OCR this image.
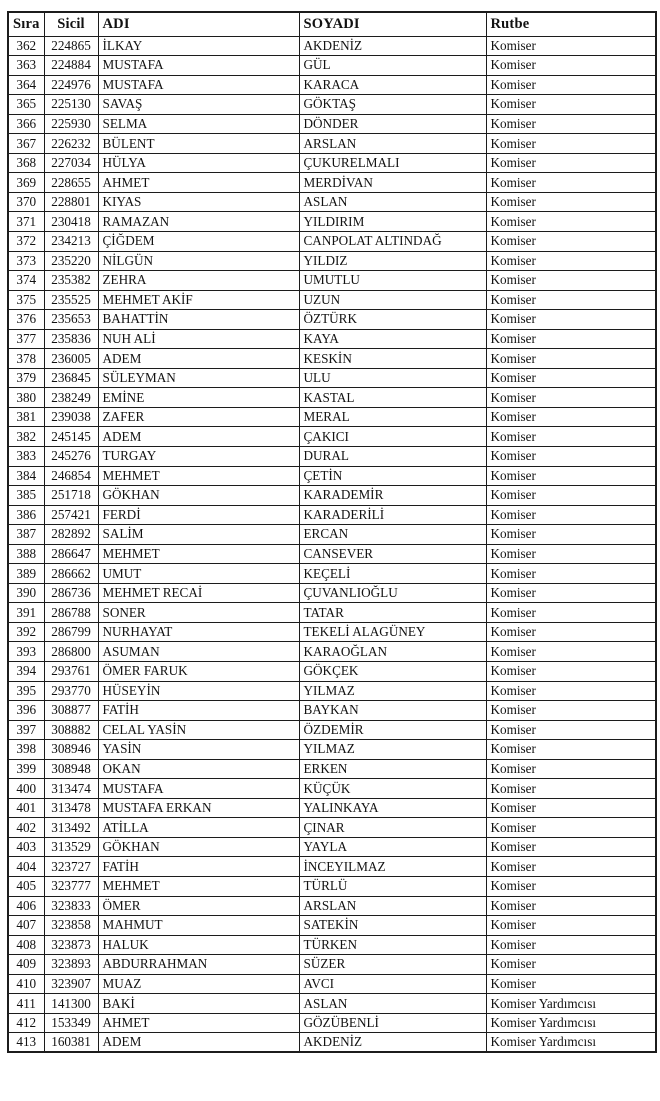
Sıra	Sicil	ADI	SOYADI	Rutbe
362	224865	İLKAY	AKDENİZ	Komiser
363	224884	MUSTAFA	GÜL	Komiser
364	224976	MUSTAFA	KARACA	Komiser
365	225130	SAVAŞ	GÖKTAŞ	Komiser
366	225930	SELMA	DÖNDER	Komiser
367	226232	BÜLENT	ARSLAN	Komiser
368	227034	HÜLYA	ÇUKURELMALI	Komiser
369	228655	AHMET	MERDİVAN	Komiser
370	228801	KIYAS	ASLAN	Komiser
371	230418	RAMAZAN	YILDIRIM	Komiser
372	234213	ÇİĞDEM	CANPOLAT ALTINDAĞ	Komiser
373	235220	NİLGÜN	YILDIZ	Komiser
374	235382	ZEHRA	UMUTLU	Komiser
375	235525	MEHMET AKİF	UZUN	Komiser
376	235653	BAHATTİN	ÖZTÜRK	Komiser
377	235836	NUH ALİ	KAYA	Komiser
378	236005	ADEM	KESKİN	Komiser
379	236845	SÜLEYMAN	ULU	Komiser
380	238249	EMİNE	KASTAL	Komiser
381	239038	ZAFER	MERAL	Komiser
382	245145	ADEM	ÇAKICI	Komiser
383	245276	TURGAY	DURAL	Komiser
384	246854	MEHMET	ÇETİN	Komiser
385	251718	GÖKHAN	KARADEMİR	Komiser
386	257421	FERDİ	KARADERİLİ	Komiser
387	282892	SALİM	ERCAN	Komiser
388	286647	MEHMET	CANSEVER	Komiser
389	286662	UMUT	KEÇELİ	Komiser
390	286736	MEHMET RECAİ	ÇUVANLIOĞLU	Komiser
391	286788	SONER	TATAR	Komiser
392	286799	NURHAYAT	TEKELİ ALAGÜNEY	Komiser
393	286800	ASUMAN	KARAOĞLAN	Komiser
394	293761	ÖMER FARUK	GÖKÇEK	Komiser
395	293770	HÜSEYİN	YILMAZ	Komiser
396	308877	FATİH	BAYKAN	Komiser
397	308882	CELAL YASİN	ÖZDEMİR	Komiser
398	308946	YASİN	YILMAZ	Komiser
399	308948	OKAN	ERKEN	Komiser
400	313474	MUSTAFA	KÜÇÜK	Komiser
401	313478	MUSTAFA ERKAN	YALINKAYA	Komiser
402	313492	ATİLLA	ÇINAR	Komiser
403	313529	GÖKHAN	YAYLA	Komiser
404	323727	FATİH	İNCEYILMAZ	Komiser
405	323777	MEHMET	TÜRLÜ	Komiser
406	323833	ÖMER	ARSLAN	Komiser
407	323858	MAHMUT	SATEKİN	Komiser
408	323873	HALUK	TÜRKEN	Komiser
409	323893	ABDURRAHMAN	SÜZER	Komiser
410	323907	MUAZ	AVCI	Komiser
411	141300	BAKİ	ASLAN	Komiser Yardımcısı
412	153349	AHMET	GÖZÜBENLİ	Komiser Yardımcısı
413	160381	ADEM	AKDENİZ	Komiser Yardımcısı
